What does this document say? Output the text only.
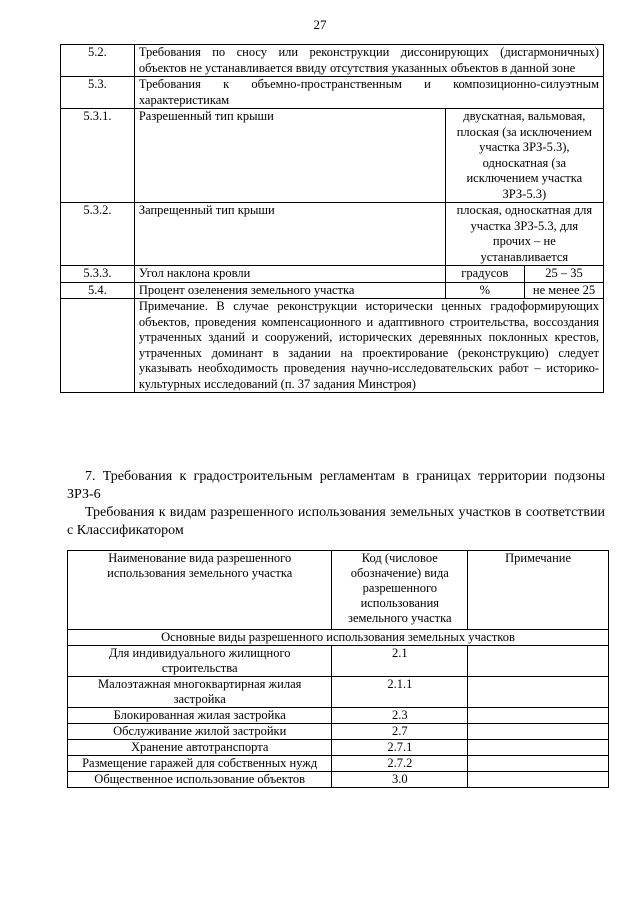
27
5.2.	Требования по сносу или реконструкции диссонирующих (дисгармоничных) объектов не устанавливается ввиду отсутствия указанных объектов в данной зоне		
5.3.	Требования к объемно-пространственным и композиционно-силуэтным характеристикам		
5.3.1.	Разрешенный тип крыши	двускатная, вальмовая, плоская (за исключением участка ЗРЗ-5.3), односкатная (за исключением участка ЗРЗ-5.3)	
5.3.2.	Запрещенный тип крыши	плоская, односкатная для участка ЗРЗ-5.3, для прочих – не устанавливается	
5.3.3.	Угол наклона кровли	градусов	25 – 35
5.4.	Процент озеленения земельного участка	%	не менее 25
	Примечание. В случае реконструкции исторически ценных градоформирующих объектов, проведения компенсационного и адаптивного строительства, воссоздания утраченных зданий и сооружений, исторических деревянных поклонных крестов, утраченных доминант в задании на проектирование (реконструкцию) следует указывать необходимость проведения научно-исследовательских работ – историко-культурных исследований (п. 37 задания Минстроя)		
7. Требования к градостроительным регламентам в границах территории подзоны ЗРЗ-6
Требования к видам разрешенного использования земельных участков в соответствии с Классификатором
Наименование вида разрешенного использования земельного участка	Код (числовое обозначение) вида разрешенного использования земельного участка	Примечание
Основные виды разрешенного использования земельных участков		
Для индивидуального жилищного строительства	2.1	
Малоэтажная многоквартирная жилая застройка	2.1.1	
Блокированная жилая застройка	2.3	
Обслуживание жилой застройки	2.7	
Хранение автотранспорта	2.7.1	
Размещение гаражей для собственных нужд	2.7.2	
Общественное использование объектов	3.0	
